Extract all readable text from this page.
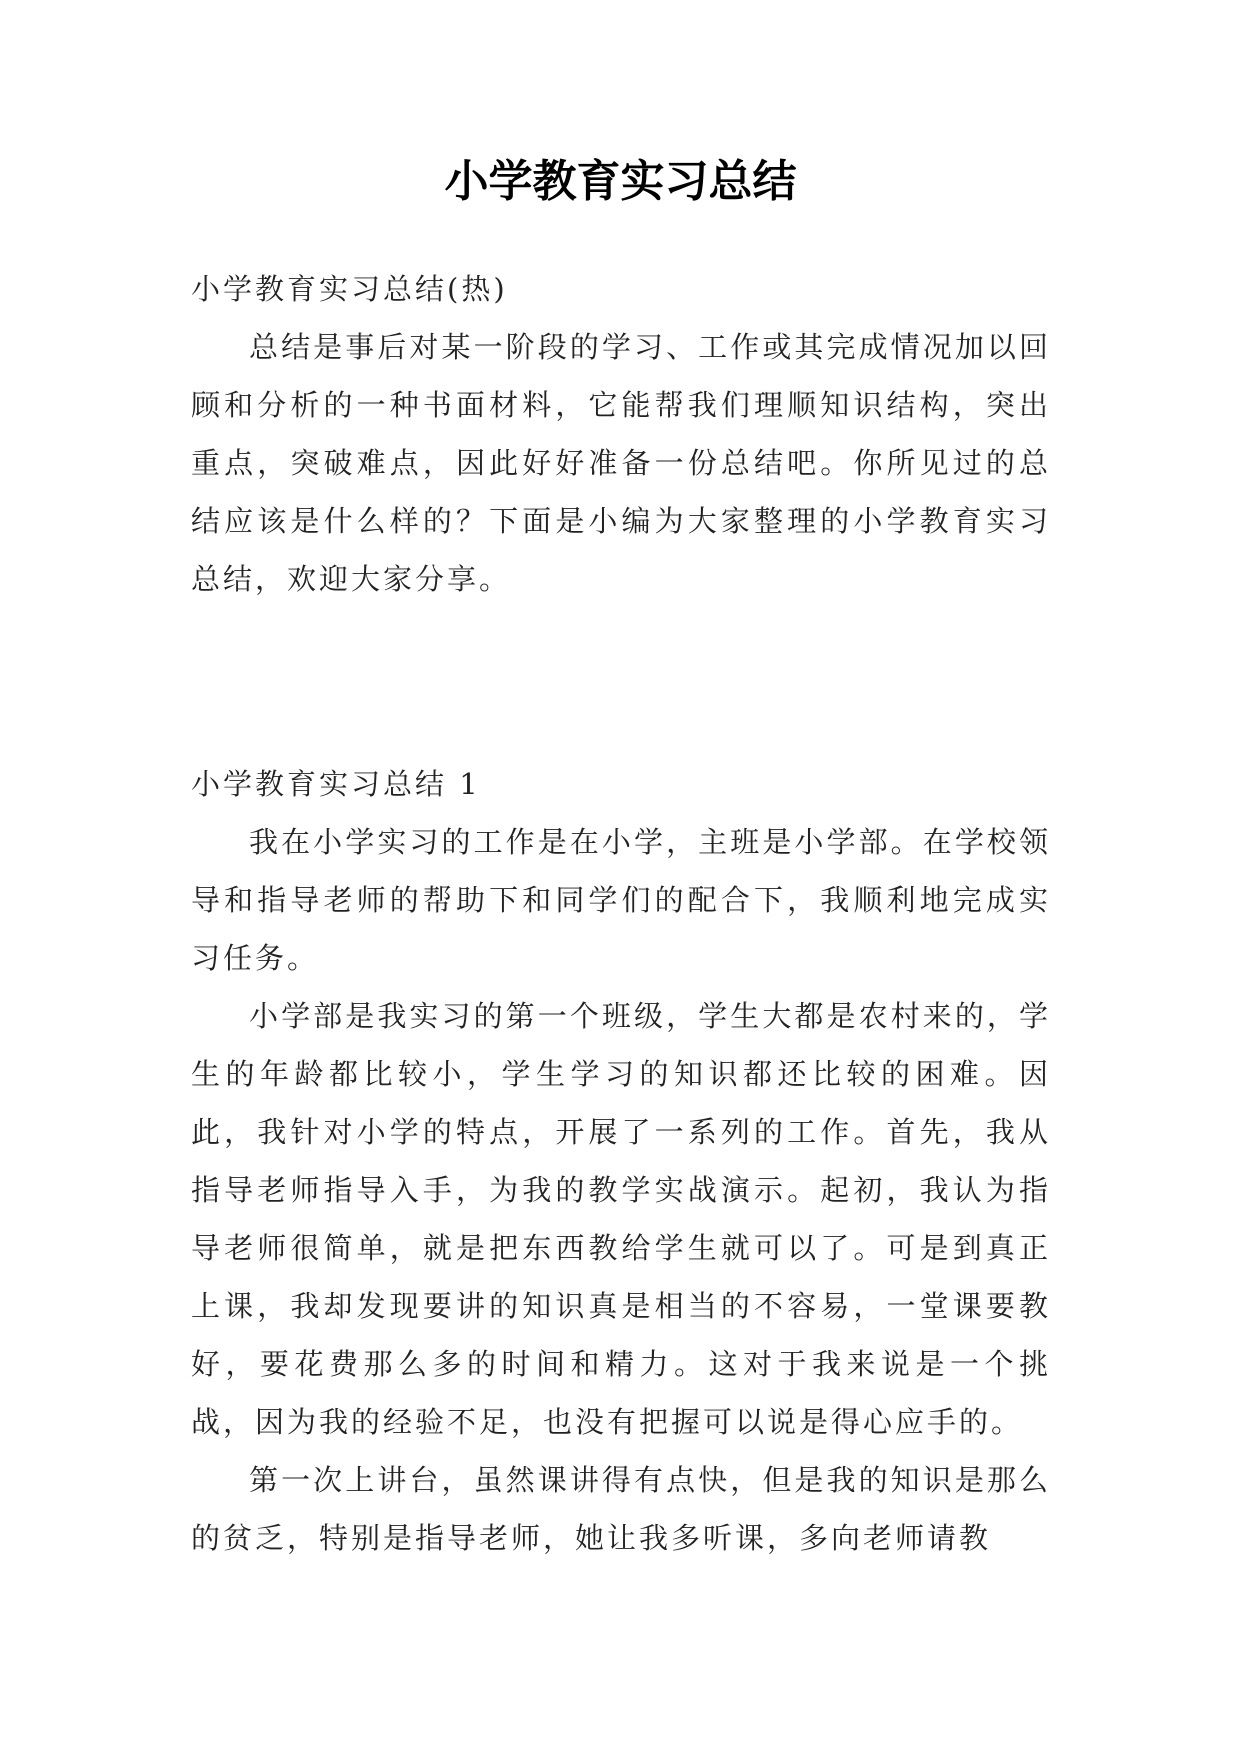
小学教育实习总结

小学教育实习总结(热)

总结是事后对某一阶段的学习、工作或其完成情况加以回顾和分析的一种书面材料，它能帮我们理顺知识结构，突出重点，突破难点，因此好好准备一份总结吧。你所见过的总结应该是什么样的？下面是小编为大家整理的小学教育实习总结，欢迎大家分享。

小学教育实习总结 1

我在小学实习的工作是在小学，主班是小学部。在学校领导和指导老师的帮助下和同学们的配合下，我顺利地完成实习任务。

小学部是我实习的第一个班级，学生大都是农村来的，学生的年龄都比较小，学生学习的知识都还比较的困难。因此，我针对小学的特点，开展了一系列的工作。首先，我从指导老师指导入手，为我的教学实战演示。起初，我认为指导老师很简单，就是把东西教给学生就可以了。可是到真正上课，我却发现要讲的知识真是相当的不容易，一堂课要教好，要花费那么多的时间和精力。这对于我来说是一个挑战，因为我的经验不足，也没有把握可以说是得心应手的。

第一次上讲台，虽然课讲得有点快，但是我的知识是那么的贫乏，特别是指导老师，她让我多听课，多向老师请教
